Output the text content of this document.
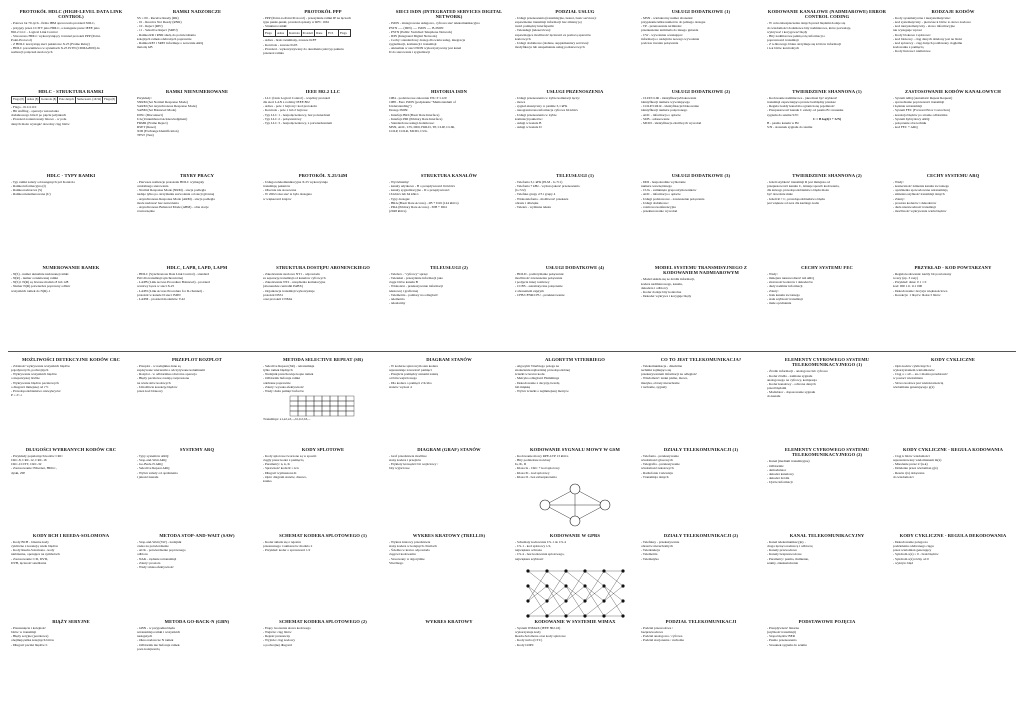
PROTOKÓŁ HDLC (HIGH-LEVEL DATA LINK CONTROL)
- Połowa lat 70-tych - firma IBM opracowała protokół SDLC,
- przyjęty przez CCITT jako HDLC, a następnie przez IEEE jako
802.2 LLC - Logical Link Control
- Stworzono HDLC wykorzystujący również protokół PPP (Point-
Point-Protocol)
- Z HDLC korzystają sieci pakietowe X.25 (Frame Relay)
- HDLC porozumiewa w systemach X.25 ISTN (CDMA2000) do
realizacji połączeń sieciowych
RAMKI NADZORCZE
SS = 00 - Receive Ready (RR)
- 01 - Receive Not Ready (RNR)
- 10 - Reject (REJ)
- 11 - Selective Reject (SREJ)
- Ramka RR i RNR służą do potwierdzania
kolejnych ramek odebranych poprawnie
- Ramka REJ i SREJ informuje o zerwaniu ARQ
metodą GB
PROTOKÓŁ PPP
- PPP (Point-to-Point Protocol) - przesyłanie ramki IP na łączach
typu punkt-punkt, protokół opisany w RFC 1661
- Struktura ramki:
Flaga	Adres	Kontrola	Protokół	Dane	FCS	Flaga
- Adres - brak rozumiany, zawsze 0xFF
- Kontrola - zawsze 0x03
- Protokół - wykorzystywany do określenia jaki typ pakietu
przenosi ramka
SIECI ISDN (INTEGRATED SERVICES DIGITAL NETWORK)
- ISDN - zintegrowana usługowo, cyfrowa sieć telekomunikacyjna
PSTN ---- (IDN) ---- ISDN ---- B-ISDN
- PSTN (Public Switched Telephone Network)
- IDN (Integrated Digital Network)
- Cechy: standardowy dostęp dla wielu usług, integracja
sygnalizacji, komutacji i transmisji
- Aktualnie w sieci ISDN wykorzystywany jest kanał
D do sterowania i sygnalizacji
PODZIAŁ USŁUG
- Usługi przenoszenia (transmisyjne, bearer, basic services):
zapewnienie transmisji informacji bez zmiany jej
treści pomiędzy interfejsami
- Teleusługi (teleservices):
zapewniające możliwość łączności za pomocą aparatów
końcowych
- Usługi dodatkowe (dodane, supplementary services):
modyfikacja lub uzupełnienie usług podstawowych
USŁUGI DODATKOWE (1)
- MSN - wielokrotny numer abonenta:
przypisanie kilku numerów do jednego dostępu
- TP - przenoszenie terminala:
przeniesienie terminala do innego gniazda
- CW - wywołanie oczekujące:
informacja o nadejściu nowego wywołania
podczas trwania połączenia
KODOWANIE KANAŁOWE (NADMIAROWE) ERROR CONTROL CODING
- W celu zabezpieczenia danych przed błędami dodaje się
do wiadomości dodatkowe bity nadmiarowe, które pozwalają
wykrywać i korygować błędy
- Bity nadmiarowe pełnią rolę informacji o
poprawności transmisji
- Z n-bitowego bloku otrzymuje się k bitów informacji
i n-k bitów kontrolnych
RODZAJE KODÓW
- Kody systematyczne i niesystematyczne:
- kod systematyczny - pierwsze k bitów to słowo kodowe
- kod niesystematyczny - słowo informacyjne
nie występuje wprost
- Kody blokowe i splotowe:
- kod blokowy - ciąg danych dzielony jest na bloki
- kod splotowy - ciąg danych poddawany ciągłemu
kodowaniu z pamięcią
- Kody liniowe i nieliniowe
HDLC - STRUKTURA RAMKI
Flaga (8)	Adres (8)	Kontrola (8)	Pole danych	Suma kontr. (16/32)	Flaga (8)
- Flaga - 01111110
- Bit stuffing - operacja wstawiania
dodatkowego bitu 0 po pięciu jedynkach
- Protokół zorientowany bitowo - w polu
danych może wystąpić dowolny ciąg bitów
RAMKI NIENUMEROWANE
Przykłady:
SNRM (Set Normal Response Mode)
SARM (Set Asynchronous Response Mode)
SABM (Set Balanced Mode)
DISC (Disconnect)
UA (Unnumbered Acknowledgment)
FRMR (Frame Reject)
RSET (Reset)
XID (Exchange Identification)
TEST (Test)
IEEE 802.2 LLC
- LLC (Link Logical Control) - wspólny protokół
dla sieci LAN z rodziny IEEE 802
- Adres - pole 1 bajtowy: kod protokołu
- Kontrola - pole 1 lub 2 bajtowe
- Typ LLC 1 - bezpołączeniowy, bez potwierdzeń
- Typ LLC 2 - połączeniowy
- Typ LLC 3 - bezpołączeniowy, z potwierdzeniem
HISTORIA ISDN
1984 - podstawowe zalecenia ITU-T I.120
1988 - Euro ISDN (podpisanie "Memorandum of
Understanding")
Dostęp ISDN:
- Interfejs BRI (Basic Rate Interface)
- Interfejs PRI (Primary Rate Interface)
- Standardowe usługi dodatkowe:
MSN, AOC, CW, DDI, HOLD, TP, CLIP, CLIR,
COLP, COLR, MCID, CUG
USŁUGI PRZENOSZENIA
- Usługi przenoszenia w trybie komutacji łączy:
- mowa
- sygnał akustyczny w paśmie 3,1 kHz
- nieograniczona informacja cyfrowa 64 kbit/s
- Usługi przenoszenia w trybie
komutacji pakietów:
- usługi w kanale B
- usługi w kanale D
USŁUGI DODATKOWE (2)
- CLIP/CLIR - identyfikacja/blokowanie
identyfikacji numeru wywołującego
- COLP/COLR - identyfikacja/blokowanie
identyfikacji numeru połączonego
- AOC - informacja o opłacie
- SUB - adresowanie
- MCID - identyfikacja złośliwych wywołań
TWIERDZENIE SHANNONA (1)
- Kodowanie nadmiarowe - jaka musi być szybkość
transmisji zapewniająca prawie bezbłędny przekaz
- Reguła: każdy kanał ma ograniczoną pojemność
- Przepustowość kanału C zależy od pasma B i stosunku
sygnału do szumu S/N:
C = B log2(1 + S/N)
B - pasmo kanału w Hz
S/N - stosunek sygnału do szumu
ZASTOSOWANIE KODÓW KANAŁOWYCH
- System ARQ (Automatic Repeat Request)
- sprawdzanie poprawności transmisji
i żądanie retransmisji
- System FEC (Forward Error Correction)
- korekcja błędów po stronie odbiornika
- System hybrydowy ARQ:
- połączenie obu technik
- kod FEC + ARQ
HDLC - TYPY RAMKI
- Typ ramki zależy od następnych pól Kontrola
- Ramka informacyjna (I)
- Ramka nadzorcza (S)
- Ramka nienumerowana (U)
TRYBY PRACY
- Pierwsze realizacje protokołu HDLC wymagały
centralnego sterowania
- Normal Response Mode (NRM) - stacja podległa
nadaje tylko po otrzymaniu zezwolenia od stacji głównej
- Asynchronous Response Mode (ARM) - stacja podległa
może nadawać bez zezwolenia
- Asynchronous Balanced Mode (ABM) - obie stacje
równorzędne
PROTOKÓŁ X.25/34M
- Usługa telekomunikacyjna X.25 wykorzystuje
transmisję pakietów
- Obecnie nie stosowana
- W 2002 roku sieć ta była dostępna
w większości krajów
STRUKTURA KANAŁÓW
- Wyróżniamy:
- kanały użytkowe - B o przepływności 64 kbit/s
- kanały sygnalizacyjne - D o przepływności
16 kbit/s lub 64 kbit/s
- Typy dostępu:
- BRA (Basic Rate Access) - 2B + D16 (144 kbit/s)
- PRA (Primary Rate Access) - 30B + D64
(2048 kbit/s)
TELEUSŁUGI (1)
- Telefonia 3,1 kHz (PLM - G.711)
- Telefonia 7 kHz - wyższa jakość przenoszenia
(G.722)
- Telefaks grupy 2/3 i grupy 4
- Wideotelefonia - możliwość przekazu
obrazu i dźwięku
- Teletex - wymiana tekstu
USŁUGI DODATKOWE (3)
- DDI - bezpośrednie wybieranie
numeru wewnętrznego
- CUG - zamknięta grupa użytkowników
- AOC - informacja o opłacie
- Usługi podstawowe - zawieszenie połączenia
- Usługi dodatkowe:
- rozmowa konferencyjna
- przekierowanie wywołań
TWIERDZENIE SHANNONA (2)
- Jeżeli szybkość transmisji R jest mniejsza od
przepustowości kanału C, istnieje sposób kodowania,
dla którego prawdopodobieństwo błędu może
być dowolnie małe
- Jeżeli R > C, prawdopodobieństwo błędu
jest większe od zera dla każdego kodu
CECHY SYSTEMU ARQ
- Wady:
- konieczność istnienia kanału zwrotnego
- opóźnienia spowodowane retransmisją
- zmienna szybkość transmisji danych
- Zalety:
- prostota koderów i dekoderów
- duża niezawodność transmisji
- możliwość wykrywania wielu błędów
NUMEROWANIE RAMEK
- N(S) - numer aktualnie nadawanej ramki
- N(R) - numer oczekiwanej ramki
- N(S) i N(R) są liczone modulo 8 lub 128
- Numer N(R) potwierdza poprawny odbiór
wszystkich ramek do N(R)-1
HDLC, LAPB, LAPD, LAPM
- HDLC (Synchronous Data Link Control) - standard
ISO dla transmisji synchronicznej
- LAPB (Link Access Procedure Balanced) - protokół
warstwy łącza w sieci X.25
- LAPD (Link Access Procedure for D-channel) -
protokół w kanale D sieci ISDN
- LAPM - protokół modemów V.42
STRUKTURA DOSTĘPU ABONENCKIEGO
- Zakończenie sieciowe NT1 - odpowiada
za separację transmisji od kanałów cyfrowych
- Zakończenie NT2 - urządzenia komutacyjne
(abonenckie centralki PABX)
- Organizacja transmisji wykorzystuje
protokół DSS1
oraz protokół CNMA
TELEUSŁUGI (2)
- Telebox - "cyfrowy" sprzęt
- Teletekst - przesyłanie informacji jako
ciągu bitów kanału B
- Wideotext - przekazywanie informacji
tekstowej i graficznej
- Telemetria - pomiary na odległość:
- telemetria
- telealarmy
USŁUGI DODATKOWE (4)
- HOLD - podtrzymanie połączenia:
możliwość zawieszenia połączenia
i podjęcia innej rozmowy
- CCBS - automatyczne połączenie
z abonentem zajętym
- CFB/CFNR/CFU - przekierowanie
MODEL SYSTEMU TRANSMISYJNEGO Z KODOWANIEM NADMIAROWYM
- Model składa się ze źródła informacji,
kodera nadmiarowego, kanału,
dekodera i odbiorcy
- Koder dodaje bity kontrolne
- Dekoder wykrywa i koryguje błędy
CECHY SYSTEMU FEC
- Wady:
- mniejsza niezawodność niż ARQ
- złożoność koderów i dekoderów
- duży nadmiar informacji
- Zalety:
- brak kanału zwrotnego
- stała szybkość transmisji
- małe opóźnienia
PRZYKŁAD - KOD POWTARZANY
- Reguła kodowania: każdy bit powtarzany
n razy (np. 3 razy)
- Przykład: dane: 0 1 1 0
kod: 000 111 111 000
- Dekodowanie: decyzja większościowa
- Korekcja: 1 błąd w bloku 3 bitów
MOŻLIWOŚCI DETEKCYJNE KODÓW CRC
- Zdolność wykrywania wszystkich błędów
pojedynczych, podwójnych
- Wykrywanie wszystkich błędów
o nieparzystej liczbie
- Wykrywanie błędów paczkowych
o długości mniejszej od r+1
- Prawdopodobieństwo niewykrycia:
P = 2^-r
PRZEPLOT ROZPLOT
- Przeplot - w nadajniku dane są
zapisywane wierszami a odczytywane kolumnami
- Rozplot - w odbiorniku odwrotna operacja
- Błędy paczkowe zostają rozproszone
na wiele słów kodowych
- Umożliwia korekcję błędów
przez kod blokowy
METODA SELECTIVE REPEAT (SR)
- Selective Repeat (SR) - retransmisja
tylko ramek błędnych
- Nadajnik przechowuje kopie ramek
- Odbiornik buforuje ramki
odebrane poprawnie
- Zalety: wysoka efektywność
- Wady: duża pamięć buforów
Transmisja: a1,a2,a3,...,b1,b2,b3,...
DIAGRAM STANÓW
- W koderze splotowym stan kodera
reprezentuje zawartość pamięci
- Przejścia pomiędzy stanami zależą
od bitu wejściowego
- Dla kodera o pamięci 2 liczba
stanów wynosi 4
ALGORYTM VITERBIEGO
- Algorytm Viterbiego polega na
znalezieniu najbardziej prawdopodobnej
ścieżki w kratce kodu
- Metryka odległości Hamminga
- Dekodowanie z decyzją twardą
lub miękką
- Wybór ścieżki o najmniejszej metryce
CO TO JEST TELEKOMUNIKACJA?
- Telekomunikacja - dziedzina
techniki zajmująca się
przekazywaniem informacji na odległość
- Wiadomość: znaki pisma, mowa,
muzyka, obrazy nieruchome
i ruchome, sygnały
ELEMENTY CYFROWEGO SYSTEMU TELEKOMUNIKACYJNEGO (1)
- Źródło informacji - analogowe lub cyfrowe
- Koder źródła - zamiana sygnału
analogowego na cyfrowy, kompresja
- Koder kanałowy - ochrona danych
przed błędami
- Modulator - dopasowanie sygnału
do kanału
KODY CYKLICZNE
- Opis kodów cyklicznych z
wykorzystaniem wielomianów
- Ciąg a = a0 ... an-1 można przedstawić
w postaci wielomianu
- Słowo kodowe jest wielokrotnością
wielomianu generującego g(x)
DŁUGOŚCI WYBRANYCH KODÓW CRC
- Przykłady popularnych kodów CRC:
CRC-8, CRC-12, CRC-16
CRC-CCITT, CRC-32
- Zastosowanie: Ethernet, HDLC,
dyski, ZIP
SYSTEMY ARQ
- Typy systemów ARQ:
- Stop-and-Wait ARQ
- Go-Back-N ARQ
- Selective Repeat ARQ
- Wybór zależy od opóźnienia
i jakości kanału
KODY SPLOTOWE
- Kody splotowe tworzone są w sposób
ciągły przez koder z pamięcią
- Parametry: n, k, K
- Sprawność kodu R = k/n
- Długość wymuszona K
- Opis: diagram stanów, drzewo,
kratka
DIAGRAM (GRAF) STANÓW
- Graf przedstawia możliwe
stany kodera i przejścia
- Etykiety krawędzi: bit wejściowy /
bity wyjściowe
KODOWANIE SYGNAŁU MOWY W GSM
- Kodowanie mowy RPE-LTP 13 kbit/s
- Bity podzielone na klasy
Ia, Ib, II
- Klasa Ia - CRC + kod splotowy
- Klasa Ib - kod splotowy
- Klasa II - bez zabezpieczenia
DZIAŁY TELEKOMUNIKACJI (1)
- Telefonia - przekazywanie
wiadomości głosowych
- Telegrafia - przekazywanie
wiadomości tekstowych
- Radiofonia i telewizja
- Transmisja danych
ELEMENTY CYFROWEGO SYSTEMU TELEKOMUNIKACYJNEGO (2)
- Kanał (medium transmisyjne)
- Odbiornik:
- demodulator
- dekoder kanałowy
- dekoder źródła
- Ujście informacji
KODY CYKLICZNE - REGUŁA KODOWANIA
- Ciąg k bitów wiadomości
reprezentowany wielomianem m(x)
- Mnożenie przez x^(n-k)
- Dzielenie przez wielomian g(x)
- Reszta r(x) dołączana
do wiadomości
KODY BCH I REEDA-SOLOMONA
- Kody BCH - binarne kody
cykliczne z korekcją wielu błędów
- Kody Reeda-Solomona - kody
niebinarne, operujące na symbolach
- Zastosowanie: CD, DVD,
DVB, łączność satelitarna
METODA STOP-AND-WAIT (SAW)
- Stop-and-Wait (SW) - nadajnik
czeka na potwierdzenie
- ACK - potwierdzenie poprawnego
odbioru
- NAK - żądanie retransmisji
- Zalety: prostota
- Wady: niska efektywność
SCHEMAT KODERA SPLOTOWEGO (1)
- Koder składa się z rejestru
przesuwnego i sumatorów modulo 2
- Przykład: koder o sprawności 1/2
WYKRES KRATOWY (TRELLIS)
- Wykres kratowy przedstawia
stany kodera w kolejnych chwilach
- Ścieżka w kratce odpowiada
ciągowi kodowemu
- Stosowany w algorytmie
Viterbiego
KODOWANIE W GPRS
- Schematy kodowania CS-1 do CS-4
- CS-1 - kod splotowy 1/2,
największa ochrona
- CS-4 - bez kodowania splotowego,
największa szybkość
DZIAŁY TELEKOMUNIKACJI (2)
- Telefaksy - przekazywanie
obrazów nieruchomych
- Teledetekcja
- Telemetria
- Telematyka
KANAŁ TELEKOMUNIKACYJNY
- Kanał telekomunikacyjny -
droga łącząca nadawcę i odbiorcę
- Kanały przewodowe
- Kanały bezprzewodowe
- Parametry: pasmo, tłumienie,
szumy, zniekształcenia
KODY CYKLICZNE - REGUŁA DEKODOWANIA
- Dekodowanie polega na
podzieleniu odebranego ciągu
przez wielomian generujący
- Syndrom s(x) = 0 - brak błędów
- Syndrom s(x) różny od 0
- wykryto błąd
BIĄŻY SERYJNE
- Przesunięcie i kolejność
bitów w transmisji
- Błędy seryjne (paczkowe)
obejmują kilka kolejnych bitów
- Długość paczki błędów b
METODA GO-BACK-N (GBN)
- GBN - w przypadku błędu
retransmisja ramki i wszystkich
następnych
- Okno nadawcze N ramek
- Odbiornik nie buforuje ramek
poza kolejnością
SCHEMAT KODERA SPLOTOWEGO (2)
- Etapy tworzenia słowa kodowego
- Wejście: ciąg bitów
- Rejestr przesuwny
- Wyjście: ciąg kodowy
o podwójnej długości
WYKRES KRATOWY	KODOWANIE W SYSTEMIE WIMAX
- System WiMAX (IEEE 802.16)
wykorzystuje kody
Reeda-Solomona oraz kody splotowe
- Kody turbo (CTC)
- Kody LDPC
PODZIAŁ TELEKOMUNIKACJI
- Podział przewodowa /
bezprzewodowa
- Podział analogowa / cyfrowa
- Podział stacjonarna / ruchoma
PODSTAWOWE POJĘCIA
- Przepływność binarna
(szybkość transmisji)
- Stopa błędów BER
- Pasmo przenoszenia
- Stosunek sygnału do szumu
